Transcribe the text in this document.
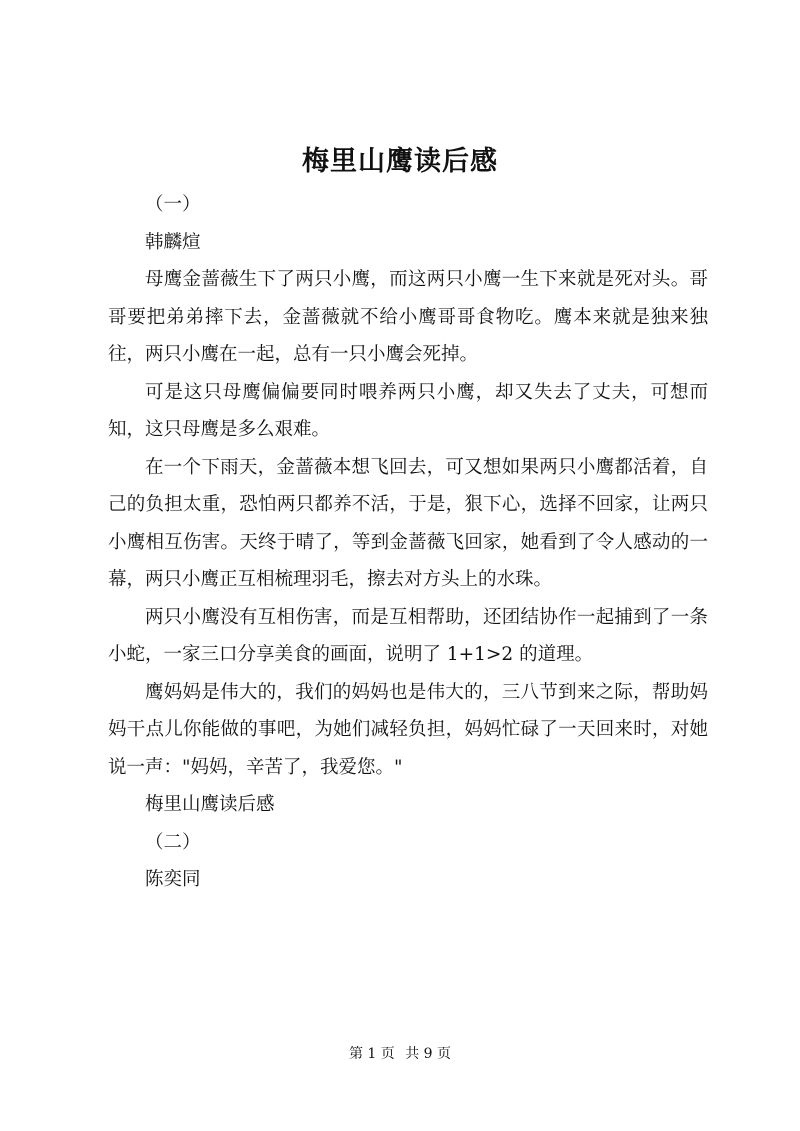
梅里山鹰读后感

（一）

韩麟煊

母鹰金蔷薇生下了两只小鹰，而这两只小鹰一生下来就是死对头。哥哥要把弟弟摔下去，金蔷薇就不给小鹰哥哥食物吃。鹰本来就是独来独往，两只小鹰在一起，总有一只小鹰会死掉。

可是这只母鹰偏偏要同时喂养两只小鹰，却又失去了丈夫，可想而知，这只母鹰是多么艰难。

在一个下雨天，金蔷薇本想飞回去，可又想如果两只小鹰都活着，自己的负担太重，恐怕两只都养不活，于是，狠下心，选择不回家，让两只小鹰相互伤害。天终于晴了，等到金蔷薇飞回家，她看到了令人感动的一幕，两只小鹰正互相梳理羽毛，擦去对方头上的水珠。

两只小鹰没有互相伤害，而是互相帮助，还团结协作一起捕到了一条小蛇，一家三口分享美食的画面，说明了 1+1>2 的道理。

鹰妈妈是伟大的，我们的妈妈也是伟大的，三八节到来之际，帮助妈妈干点儿你能做的事吧，为她们减轻负担，妈妈忙碌了一天回来时，对她说一声："妈妈，辛苦了，我爱您。"

梅里山鹰读后感

（二）

陈奕同

第 1 页 共 9 页
